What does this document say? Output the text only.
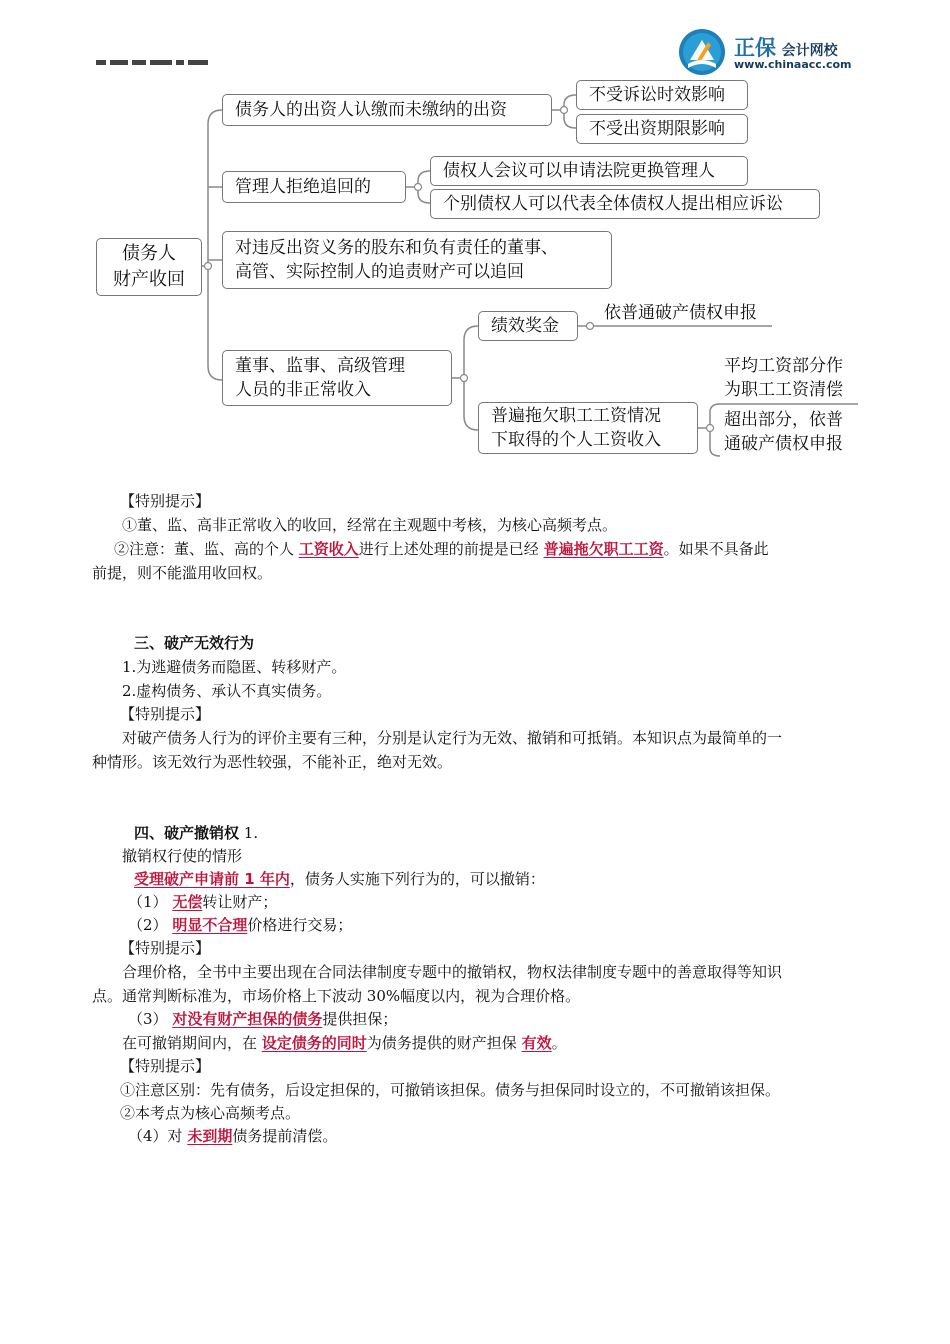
正保 会计网校
www.chinaacc.com
债务人
财产收回
债务人的出资人认缴而未缴纳的出资
不受诉讼时效影响
不受出资期限影响
管理人拒绝追回的
债权人会议可以申请法院更换管理人
个别债权人可以代表全体债权人提出相应诉讼
对违反出资义务的股东和负有责任的董事、
高管、实际控制人的追责财产可以追回
董事、监事、高级管理
人员的非正常收入
绩效奖金
依普通破产债权申报
普遍拖欠职工工资情况
下取得的个人工资收入
平均工资部分作
为职工工资清偿
超出部分，依普
通破产债权申报
【特别提示】
①董、监、高非正常收入的收回，经常在主观题中考核，为核心高频考点。
②注意：董、监、高的个人 工资收入进行上述处理的前提是已经 普遍拖欠职工工资。如果不具备此
前提，则不能滥用收回权。
三、破产无效行为
1.为逃避债务而隐匿、转移财产。
2.虚构债务、承认不真实债务。
【特别提示】
对破产债务人行为的评价主要有三种，分别是认定行为无效、撤销和可抵销。本知识点为最简单的一
种情形。该无效行为恶性较强，不能补正，绝对无效。
四、破产撤销权 1.
撤销权行使的情形
受理破产申请前 1 年内，债务人实施下列行为的，可以撤销：
（1） 无偿转让财产；
（2） 明显不合理价格进行交易；
【特别提示】
合理价格，全书中主要出现在合同法律制度专题中的撤销权，物权法律制度专题中的善意取得等知识
点。通常判断标准为，市场价格上下波动 30%幅度以内，视为合理价格。
（3） 对没有财产担保的债务提供担保；
在可撤销期间内，在 设定债务的同时为债务提供的财产担保 有效。
【特别提示】
①注意区别：先有债务，后设定担保的，可撤销该担保。债务与担保同时设立的，不可撤销该担保。
②本考点为核心高频考点。
（4）对 未到期债务提前清偿。
